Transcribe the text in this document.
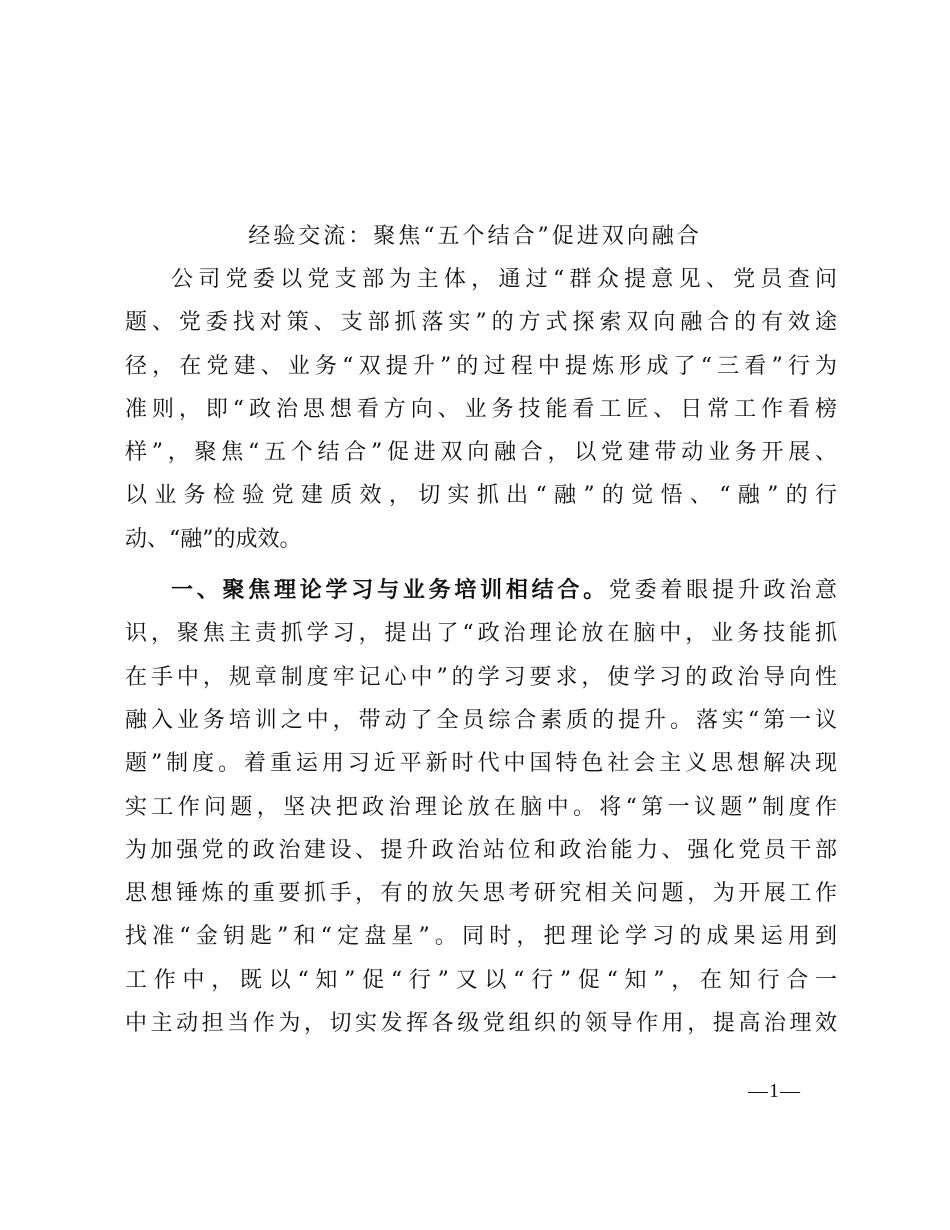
经验交流：聚焦“五个结合”促进双向融合
公司党委以党支部为主体，通过“群众提意见、党员查问
题、党委找对策、支部抓落实”的方式探索双向融合的有效途
径，在党建、业务“双提升”的过程中提炼形成了“三看”行为
准则，即“政治思想看方向、业务技能看工匠、日常工作看榜
样”，聚焦“五个结合”促进双向融合，以党建带动业务开展、
以业务检验党建质效，切实抓出“融”的觉悟、“融”的行
动、“融”的成效。
一、聚焦理论学习与业务培训相结合。党委着眼提升政治意
识，聚焦主责抓学习，提出了“政治理论放在脑中，业务技能抓
在手中，规章制度牢记心中”的学习要求，使学习的政治导向性
融入业务培训之中，带动了全员综合素质的提升。落实“第一议
题”制度。着重运用习近平新时代中国特色社会主义思想解决现
实工作问题，坚决把政治理论放在脑中。将“第一议题”制度作
为加强党的政治建设、提升政治站位和政治能力、强化党员干部
思想锤炼的重要抓手，有的放矢思考研究相关问题，为开展工作
找准“金钥匙”和“定盘星”。同时，把理论学习的成果运用到
工作中，既以“知”促“行”又以“行”促“知”，在知行合一
中主动担当作为，切实发挥各级党组织的领导作用，提高治理效
—1—
